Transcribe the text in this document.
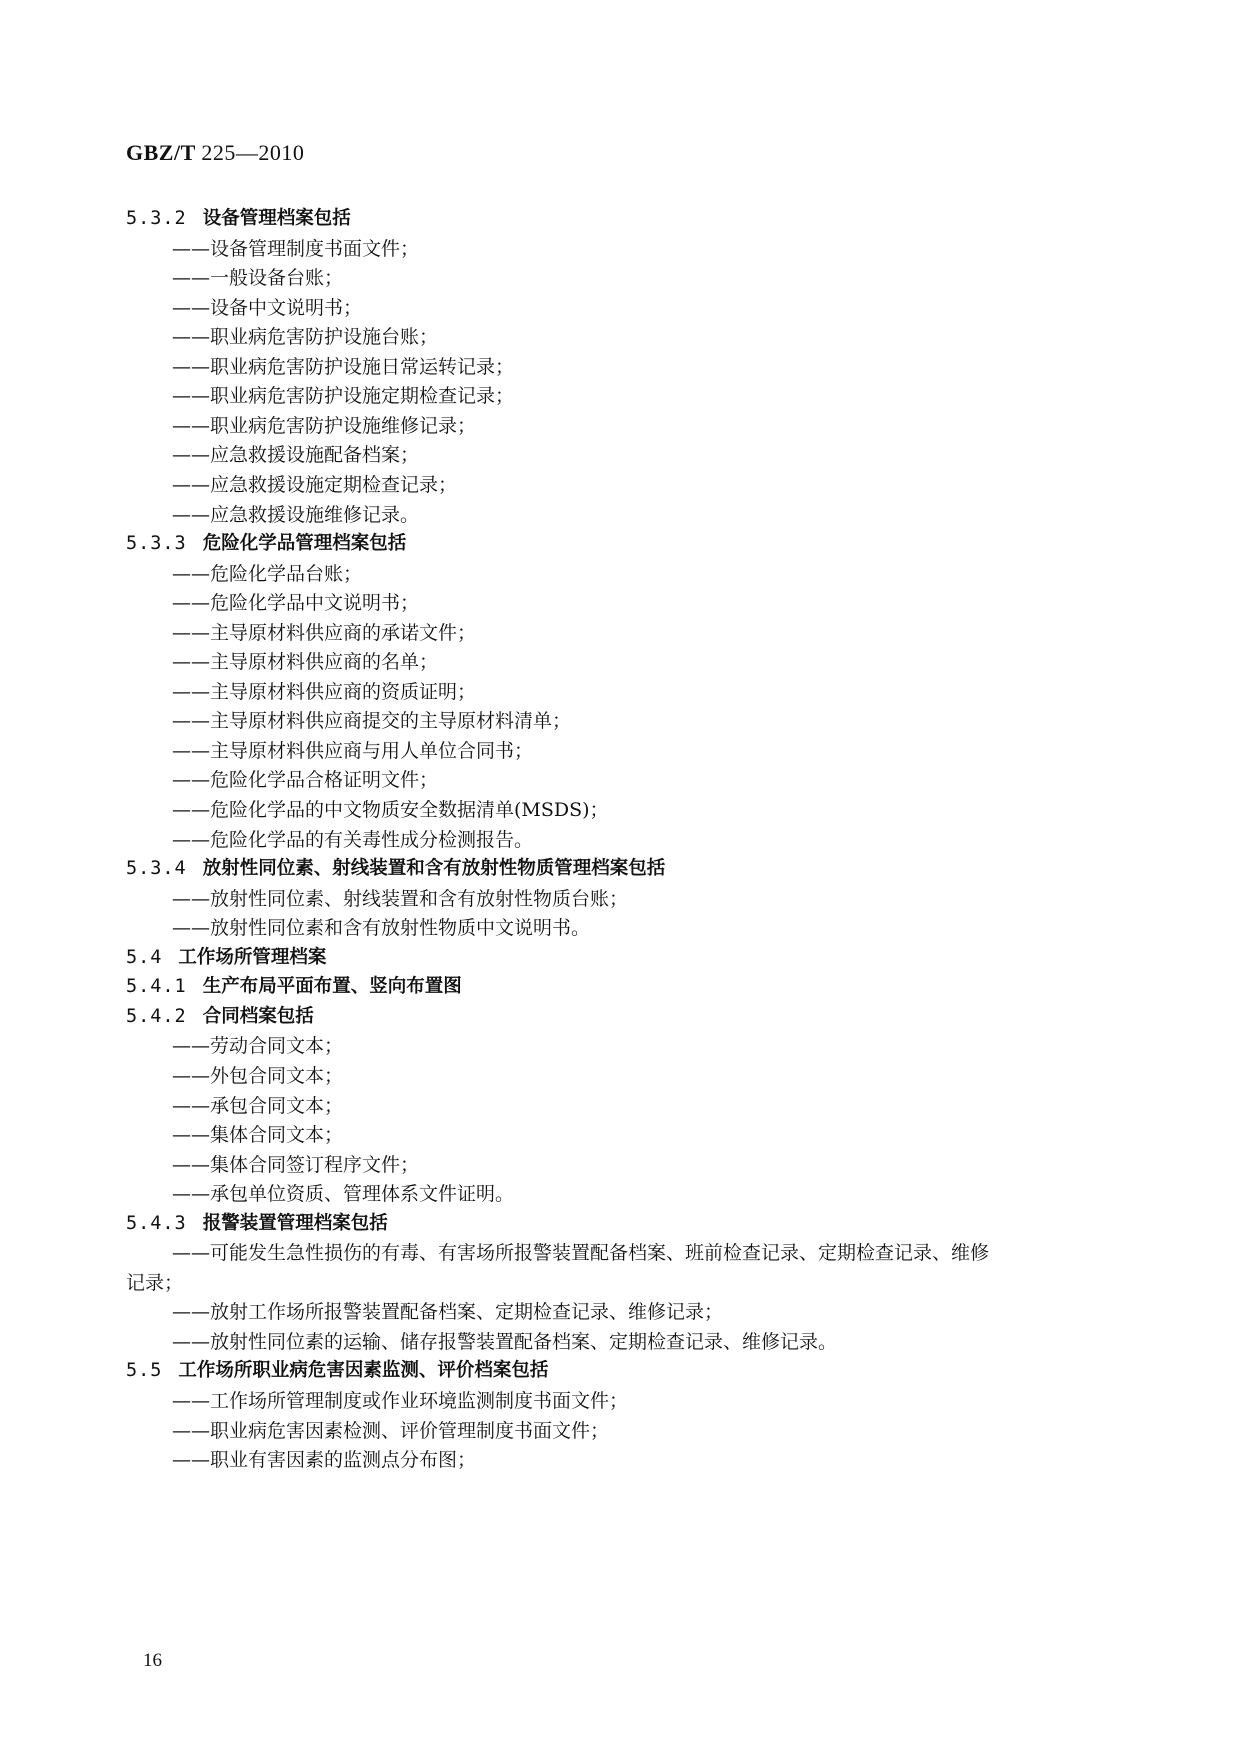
GBZ/T 225—2010
5.3.2 设备管理档案包括
——设备管理制度书面文件；
——一般设备台账；
——设备中文说明书；
——职业病危害防护设施台账；
——职业病危害防护设施日常运转记录；
——职业病危害防护设施定期检查记录；
——职业病危害防护设施维修记录；
——应急救援设施配备档案；
——应急救援设施定期检查记录；
——应急救援设施维修记录。
5.3.3 危险化学品管理档案包括
——危险化学品台账；
——危险化学品中文说明书；
——主导原材料供应商的承诺文件；
——主导原材料供应商的名单；
——主导原材料供应商的资质证明；
——主导原材料供应商提交的主导原材料清单；
——主导原材料供应商与用人单位合同书；
——危险化学品合格证明文件；
——危险化学品的中文物质安全数据清单(MSDS)；
——危险化学品的有关毒性成分检测报告。
5.3.4 放射性同位素、射线装置和含有放射性物质管理档案包括
——放射性同位素、射线装置和含有放射性物质台账；
——放射性同位素和含有放射性物质中文说明书。
5.4 工作场所管理档案
5.4.1 生产布局平面布置、竖向布置图
5.4.2 合同档案包括
——劳动合同文本；
——外包合同文本；
——承包合同文本；
——集体合同文本；
——集体合同签订程序文件；
——承包单位资质、管理体系文件证明。
5.4.3 报警装置管理档案包括
——可能发生急性损伤的有毒、有害场所报警装置配备档案、班前检查记录、定期检查记录、维修
记录；
——放射工作场所报警装置配备档案、定期检查记录、维修记录；
——放射性同位素的运输、储存报警装置配备档案、定期检查记录、维修记录。
5.5 工作场所职业病危害因素监测、评价档案包括
——工作场所管理制度或作业环境监测制度书面文件；
——职业病危害因素检测、评价管理制度书面文件；
——职业有害因素的监测点分布图；
16
